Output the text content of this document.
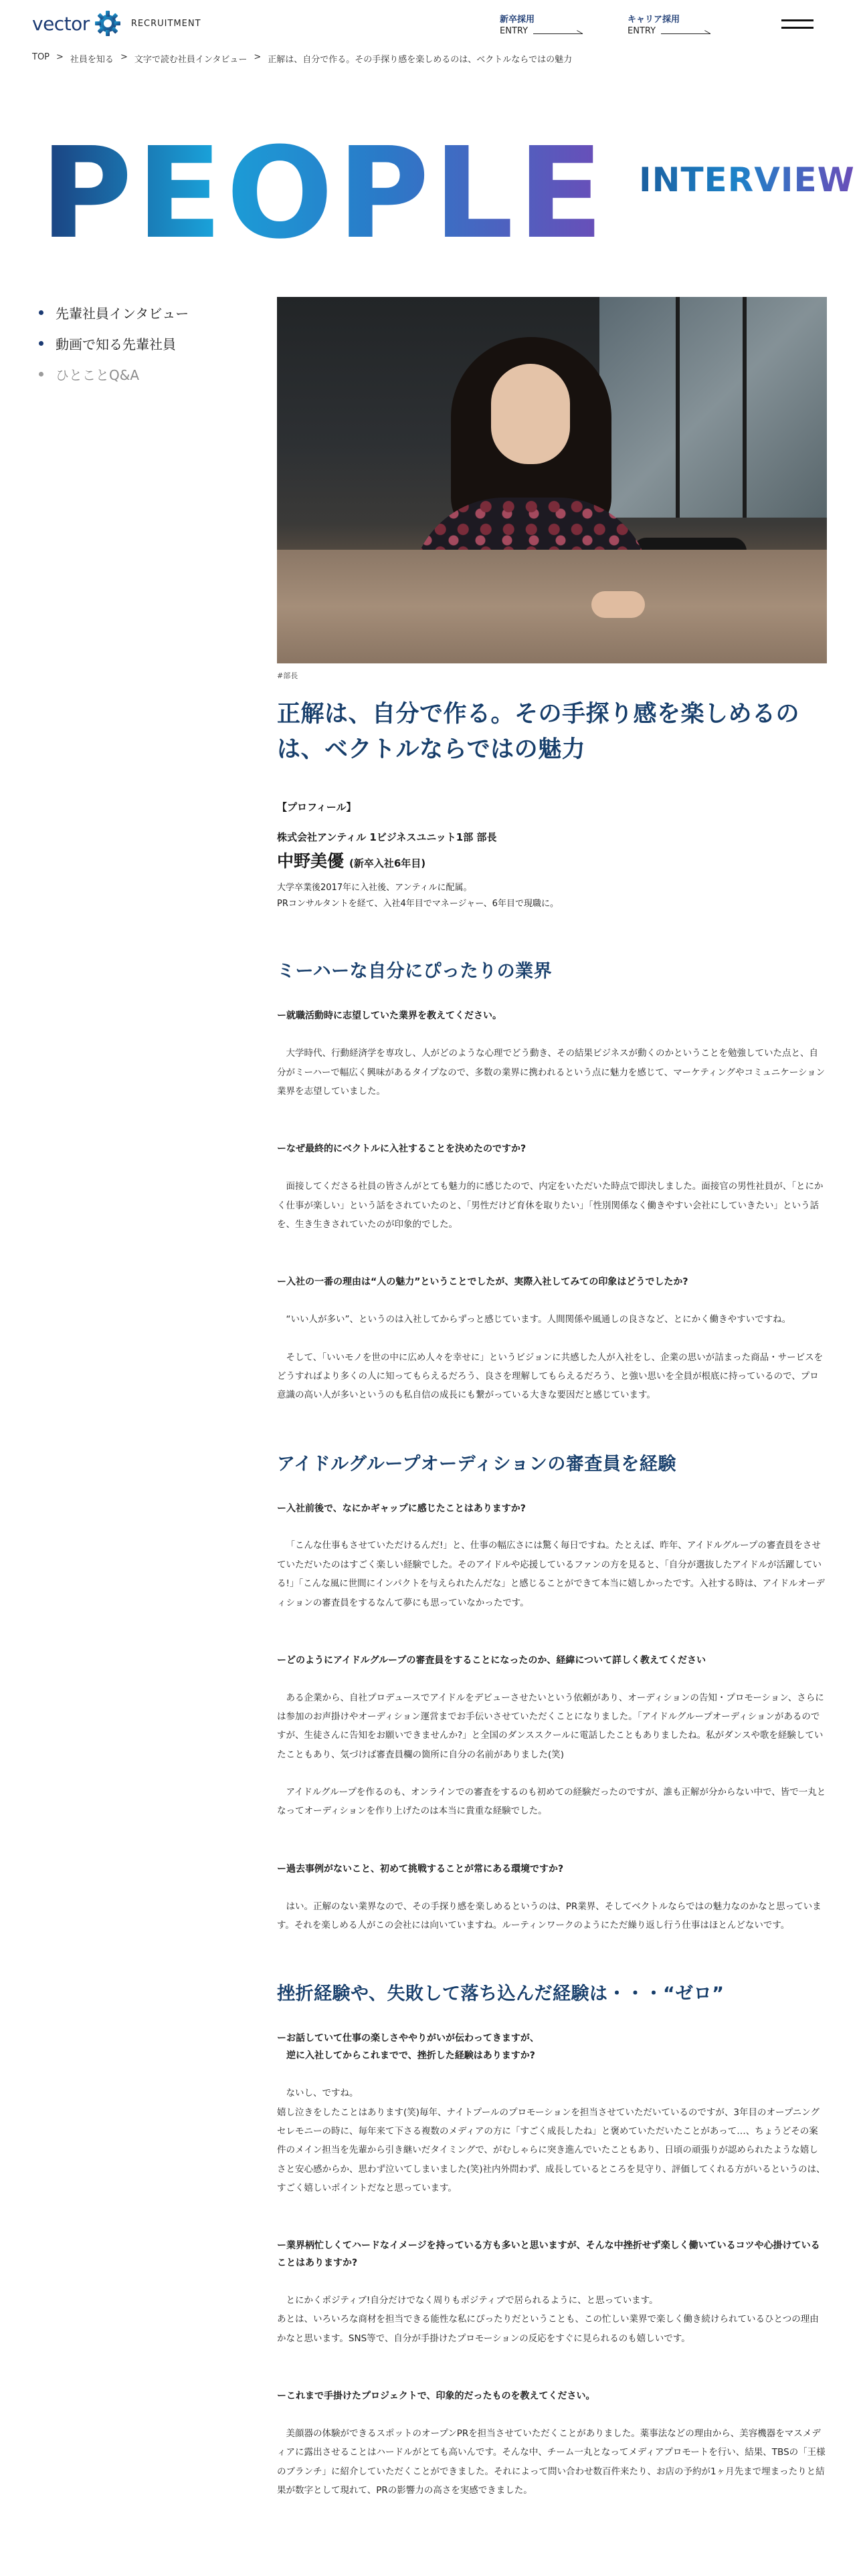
vector	RECRUITMENT	新卒採用
ENTRY
キャリア採用
ENTRY
TOP > 社員を知る > 文字で読む社員インタビュー > 正解は、自分で作る。その手探り感を楽しめるのは、ベクトルならではの魅力
PEOPLE INTERVIEW
先輩社員インタビュー
動画で知る先輩社員
ひとことQ&A
#部長
正解は、自分で作る。その手探り感を楽しめるのは、ベクトルならではの魅力
【プロフィール】
株式会社アンティル 1ビジネスユニット1部 部長
中野美優 (新卒入社6年目)
大学卒業後2017年に入社後、アンティルに配属。
PRコンサルタントを経て、入社4年目でマネージャー、6年目で現職に。
ミーハーな自分にぴったりの業界

ー就職活動時に志望していた業界を教えてください。

大学時代、行動経済学を専攻し、人がどのような心理でどう動き、その結果ビジネスが動くのかということを勉強していた点と、自分がミーハーで幅広く興味があるタイプなので、多数の業界に携われるという点に魅力を感じて、マーケティングやコミュニケーション業界を志望していました。

ーなぜ最終的にベクトルに入社することを決めたのですか?

面接してくださる社員の皆さんがとても魅力的に感じたので、内定をいただいた時点で即決しました。面接官の男性社員が、「とにかく仕事が楽しい」という話をされていたのと、「男性だけど育休を取りたい」「性別関係なく働きやすい会社にしていきたい」という話を、生き生きされていたのが印象的でした。

ー入社の一番の理由は“人の魅力”ということでしたが、実際入社してみての印象はどうでしたか?

“いい人が多い”、というのは入社してからずっと感じています。人間関係や風通しの良さなど、とにかく働きやすいですね。

そして、「いいモノを世の中に広め人々を幸せに」というビジョンに共感した人が入社をし、企業の思いが詰まった商品・サービスをどうすればより多くの人に知ってもらえるだろう、良さを理解してもらえるだろう、と強い思いを全員が根底に持っているので、プロ意識の高い人が多いというのも私自信の成長にも繋がっている大きな要因だと感じています。

アイドルグループオーディションの審査員を経験

ー入社前後で、なにかギャップに感じたことはありますか?

「こんな仕事もさせていただけるんだ!」と、仕事の幅広さには驚く毎日ですね。たとえば、昨年、アイドルグループの審査員をさせていただいたのはすごく楽しい経験でした。そのアイドルや応援しているファンの方を見ると、「自分が選抜したアイドルが活躍している!」「こんな風に世間にインパクトを与えられたんだな」と感じることができて本当に嬉しかったです。入社する時は、アイドルオーディションの審査員をするなんて夢にも思っていなかったです。

ーどのようにアイドルグループの審査員をすることになったのか、経緯について詳しく教えてください

ある企業から、自社プロデュースでアイドルをデビューさせたいという依頼があり、オーディションの告知・プロモーション、さらには参加のお声掛けやオーディション運営までお手伝いさせていただくことになりました。「アイドルグループオーディションがあるのですが、生徒さんに告知をお願いできませんか?」と全国のダンススクールに電話したこともありましたね。私がダンスや歌を経験していたこともあり、気づけば審査員欄の箇所に自分の名前がありました(笑)

アイドルグループを作るのも、オンラインでの審査をするのも初めての経験だったのですが、誰も正解が分からない中で、皆で一丸となってオーディションを作り上げたのは本当に貴重な経験でした。

ー過去事例がないこと、初めて挑戦することが常にある環境ですか?

はい。正解のない業界なので、その手探り感を楽しめるというのは、PR業界、そしてベクトルならではの魅力なのかなと思っています。それを楽しめる人がこの会社には向いていますね。ルーティンワークのようにただ繰り返し行う仕事はほとんどないです。

挫折経験や、失敗して落ち込んだ経験は・・・“ゼロ”

ーお話していて仕事の楽しさややりがいが伝わってきますが、
　逆に入社してからこれまでで、挫折した経験はありますか?

ないし、ですね。
嬉し泣きをしたことはあります(笑)毎年、ナイトプールのプロモーションを担当させていただいているのですが、3年目のオープニングセレモニーの時に、毎年来て下さる複数のメディアの方に「すごく成長したね」と褒めていただいたことがあって…、ちょうどその案件のメイン担当を先輩から引き継いだタイミングで、がむしゃらに突き進んでいたこともあり、日頃の頑張りが認められたような嬉しさと安心感からか、思わず泣いてしまいました(笑)社内外問わず、成長しているところを見守り、評価してくれる方がいるというのは、すごく嬉しいポイントだなと思っています。

ー業界柄忙しくてハードなイメージを持っている方も多いと思いますが、そんな中挫折せず楽しく働いているコツや心掛けていることはありますか?

とにかくポジティブ!自分だけでなく周りもポジティブで居られるように、と思っています。
あとは、いろいろな商材を担当できる能性な私にぴったりだということも、この忙しい業界で楽しく働き続けられているひとつの理由かなと思います。SNS等で、自分が手掛けたプロモーションの反応をすぐに見られるのも嬉しいです。

ーこれまで手掛けたプロジェクトで、印象的だったものを教えてください。

美顔器の体験ができるスポットのオープンPRを担当させていただくことがありました。薬事法などの理由から、美容機器をマスメディアに露出させることはハードルがとても高いんです。そんな中、チーム一丸となってメディアプロモートを行い、結果、TBSの「王様のブランチ」に紹介していただくことができました。それによって問い合わせ数百件来たり、お店の予約が1ヶ月先まで埋まったりと結果が数字として現れて、PRの影響力の高さを実感できました。
